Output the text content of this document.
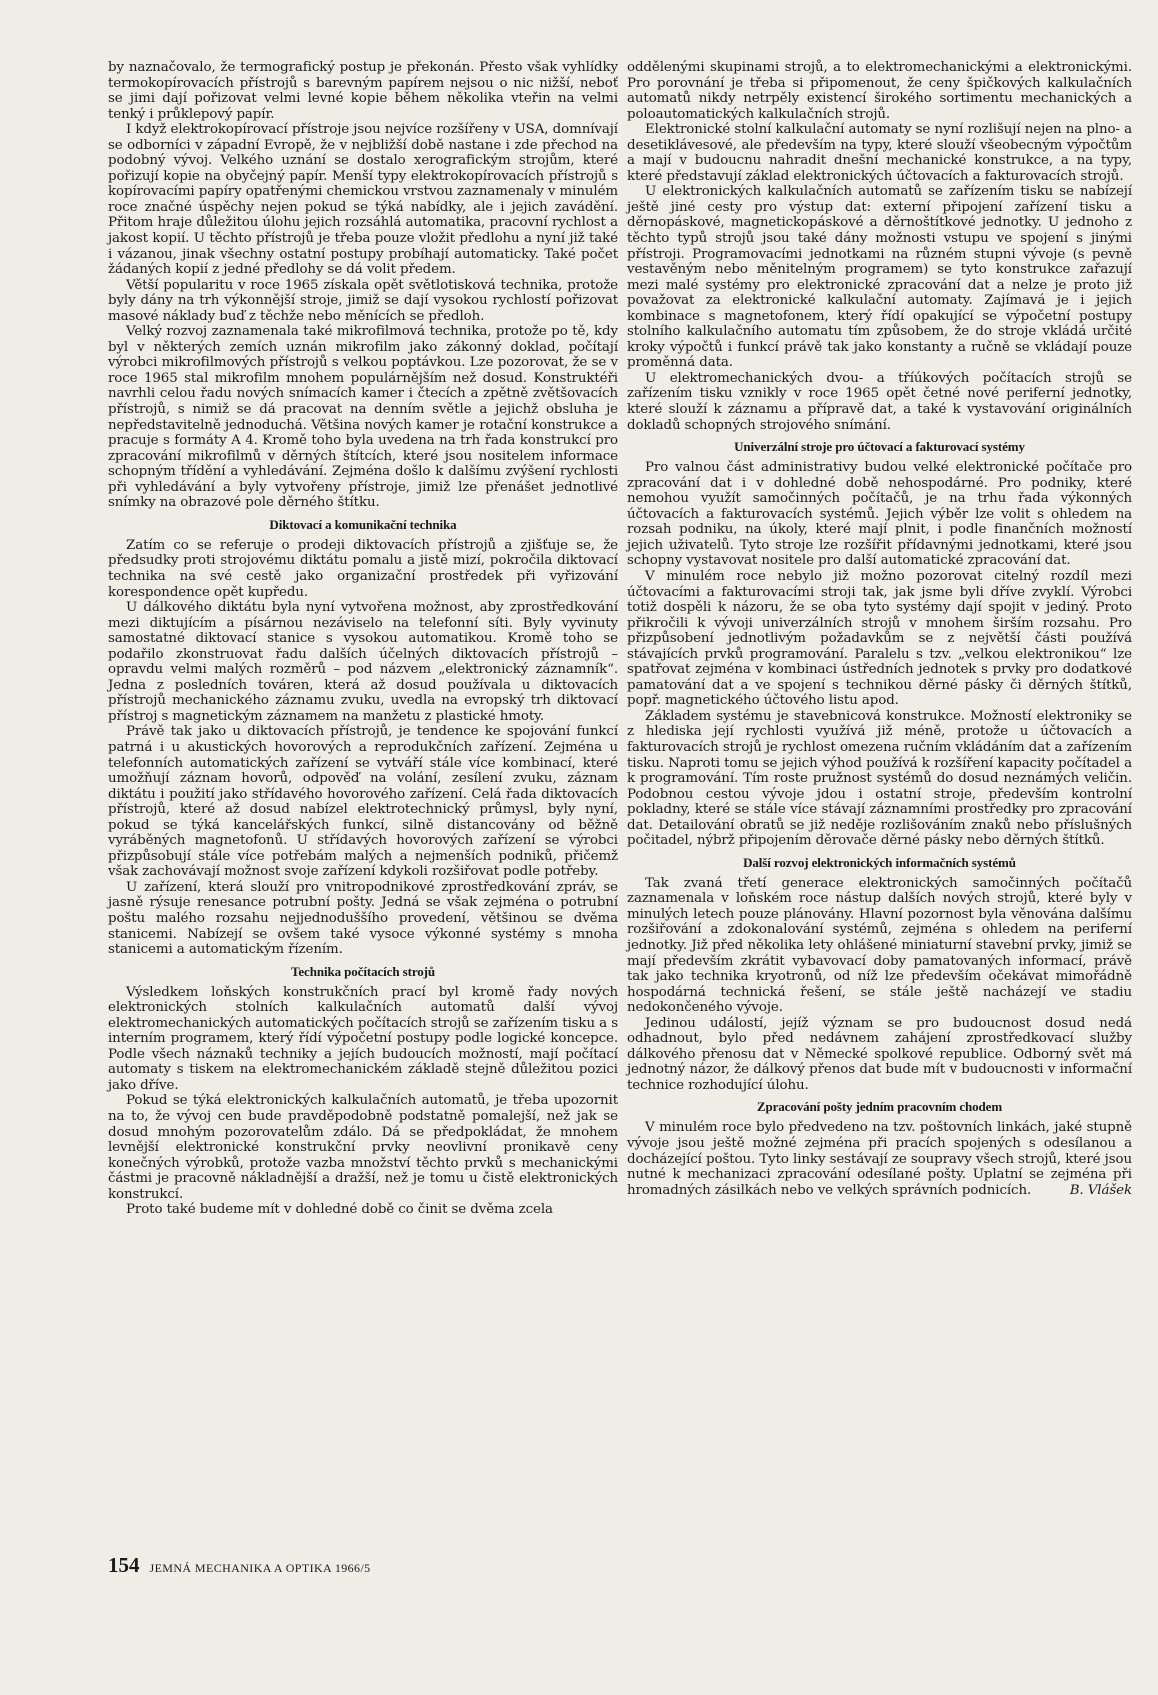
by naznačovalo, že termografický postup je překonán. Přesto však vyhlídky termokopírovacích přístrojů s barevným papírem nejsou o nic nižší, neboť se jimi dají pořizovat velmi levné kopie během několika vteřin na velmi tenký i průklepový papír.

I když elektrokopírovací přístroje jsou nejvíce rozšířeny v USA, domnívají se odborníci v západní Evropě, že v nejbližší době nastane i zde přechod na podobný vývoj. Velkého uznání se dostalo xerografickým strojům, které pořizují kopie na obyčejný papír. Menší typy elektrokopírovacích přístrojů s kopírovacími papíry opatřenými chemickou vrstvou zaznamenaly v minulém roce značné úspěchy nejen pokud se týká nabídky, ale i jejich zavádění. Přitom hraje důležitou úlohu jejich rozsáhlá automatika, pracovní rychlost a jakost kopií. U těchto přístrojů je třeba pouze vložit předlohu a nyní již také i vázanou, jinak všechny ostatní postupy probíhají automaticky. Také počet žádaných kopií z jedné předlohy se dá volit předem.

Větší popularitu v roce 1965 získala opět světlotisková technika, protože byly dány na trh výkonnější stroje, jimiž se dají vysokou rychlostí pořizovat masové náklady buď z těchže nebo měnících se předloh.

Velký rozvoj zaznamenala také mikrofilmová technika, protože po tě, kdy byl v některých zemích uznán mikrofilm jako zákonný doklad, počítají výrobci mikrofilmových přístrojů s velkou poptávkou. Lze pozorovat, že se v roce 1965 stal mikrofilm mnohem populárnějším než dosud. Konstruktéři navrhli celou řadu nových snímacích kamer i čtecích a zpětně zvětšovacích přístrojů, s nimiž se dá pracovat na denním světle a jejichž obsluha je nepředstavitelně jednoduchá. Většina nových kamer je rotační konstrukce a pracuje s formáty A 4. Kromě toho byla uvedena na trh řada konstrukcí pro zpracování mikrofilmů v děrných štítcích, které jsou nositelem informace schopným třídění a vyhledávání. Zejména došlo k dalšímu zvýšení rychlosti při vyhledávání a byly vytvořeny přístroje, jimiž lze přenášet jednotlivé snímky na obrazové pole děrného štítku.

Diktovací a komunikační technika

Zatím co se referuje o prodeji diktovacích přístrojů a zjišťuje se, že předsudky proti strojovému diktátu pomalu a jistě mizí, pokročila diktovací technika na své cestě jako organizační prostředek při vyřizování korespondence opět kupředu.

U dálkového diktátu byla nyní vytvořena možnost, aby zprostředkování mezi diktujícím a písárnou nezáviselo na telefonní síti. Byly vyvinuty samostatné diktovací stanice s vysokou automatikou. Kromě toho se podařilo zkonstruovat řadu dalších účelných diktovacích přístrojů – opravdu velmi malých rozměrů – pod názvem „elektronický záznamník“. Jedna z posledních továren, která až dosud používala u diktovacích přístrojů mechanického záznamu zvuku, uvedla na evropský trh diktovací přístroj s magnetickým záznamem na manžetu z plastické hmoty.

Právě tak jako u diktovacích přístrojů, je tendence ke spojování funkcí patrná i u akustických hovorových a reprodukčních zařízení. Zejména u telefonních automatických zařízení se vytváří stále více kombinací, které umožňují záznam hovorů, odpověď na volání, zesílení zvuku, záznam diktátu i použití jako střídavého hovorového zařízení. Celá řada diktovacích přístrojů, které až dosud nabízel elektrotechnický průmysl, byly nyní, pokud se týká kancelářských funkcí, silně distancovány od běžně vyráběných magnetofonů. U střídavých hovorových zařízení se výrobci přizpůsobují stále více potřebám malých a nejmenších podniků, přičemž však zachovávají možnost svoje zařízení kdykoli rozšiřovat podle potřeby.

U zařízení, která slouží pro vnitropodnikové zprostředkování zpráv, se jasně rýsuje renesance potrubní pošty. Jedná se však zejména o potrubní poštu malého rozsahu nejjednoduššího provedení, většinou se dvěma stanicemi. Nabízejí se ovšem také vysoce výkonné systémy s mnoha stanicemi a automatickým řízením.

Technika počítacích strojů

Výsledkem loňských konstrukčních prací byl kromě řady nových elektronických stolních kalkulačních automatů další vývoj elektromechanických automatických počítacích strojů se zařízením tisku a s interním programem, který řídí výpočetní postupy podle logické koncepce. Podle všech náznaků techniky a jejích budoucích možností, mají počítací automaty s tiskem na elektromechanickém základě stejně důležitou pozici jako dříve.

Pokud se týká elektronických kalkulačních automatů, je třeba upozornit na to, že vývoj cen bude pravděpodobně podstatně pomalejší, než jak se dosud mnohým pozorovatelům zdálo. Dá se předpokládat, že mnohem levnější elektronické konstrukční prvky neovlivní pronikavě ceny konečných výrobků, protože vazba množství těchto prvků s mechanickými částmi je pracovně nákladnější a dražší, než je tomu u čistě elektronických konstrukcí.

Proto také budeme mít v dohledné době co činit se dvěma zcela

oddělenými skupinami strojů, a to elektromechanickými a elektronickými. Pro porovnání je třeba si připomenout, že ceny špičkových kalkulačních automatů nikdy netrpěly existencí širokého sortimentu mechanických a poloautomatických kalkulačních strojů.

Elektronické stolní kalkulační automaty se nyní rozlišují nejen na plno- a desetiklávesové, ale především na typy, které slouží všeobecným výpočtům a mají v budoucnu nahradit dnešní mechanické konstrukce, a na typy, které představují základ elektronických účtovacích a fakturovacích strojů.

U elektronických kalkulačních automatů se zařízením tisku se nabízejí ještě jiné cesty pro výstup dat: externí připojení zařízení tisku a děrnopáskové, magnetickopáskové a děrnoštítkové jednotky. U jednoho z těchto typů strojů jsou také dány možnosti vstupu ve spojení s jinými přístroji. Programovacími jednotkami na různém stupni vývoje (s pevně vestavěným nebo měnitelným programem) se tyto konstrukce zařazují mezi malé systémy pro elektronické zpracování dat a nelze je proto již považovat za elektronické kalkulační automaty. Zajímavá je i jejich kombinace s magnetofonem, který řídí opakující se výpočetní postupy stolního kalkulačního automatu tím způsobem, že do stroje vkládá určité kroky výpočtů i funkcí právě tak jako konstanty a ručně se vkládají pouze proměnná data.

U elektromechanických dvou- a tříúkových počítacích strojů se zařízením tisku vznikly v roce 1965 opět četné nové periferní jednotky, které slouží k záznamu a přípravě dat, a také k vystavování originálních dokladů schopných strojového snímání.

Univerzální stroje pro účtovací a fakturovací systémy

Pro valnou část administrativy budou velké elektronické počítače pro zpracování dat i v dohledné době nehospodárné. Pro podniky, které nemohou využít samočinných počítačů, je na trhu řada výkonných účtovacích a fakturovacích systémů. Jejich výběr lze volit s ohledem na rozsah podniku, na úkoly, které mají plnit, i podle finančních možností jejich uživatelů. Tyto stroje lze rozšířit přídavnými jednotkami, které jsou schopny vystavovat nositele pro další automatické zpracování dat.

V minulém roce nebylo již možno pozorovat citelný rozdíl mezi účtovacími a fakturovacími stroji tak, jak jsme byli dříve zvyklí. Výrobci totiž dospěli k názoru, že se oba tyto systémy dají spojit v jediný. Proto přikročili k vývoji univerzálních strojů v mnohem širším rozsahu. Pro přizpůsobení jednotlivým požadavkům se z největší části používá stávajících prvků programování. Paralelu s tzv. „velkou elektronikou“ lze spatřovat zejména v kombinaci ústředních jednotek s prvky pro dodatkové pamatování dat a ve spojení s technikou děrné pásky či děrných štítků, popř. magnetického účtového listu apod.

Základem systému je stavebnicová konstrukce. Možností elektroniky se z hlediska její rychlosti využívá již méně, protože u účtovacích a fakturovacích strojů je rychlost omezena ručním vkládáním dat a zařízením tisku. Naproti tomu se jejich výhod používá k rozšíření kapacity počítadel a k programování. Tím roste pružnost systémů do dosud neznámých veličin. Podobnou cestou vývoje jdou i ostatní stroje, především kontrolní pokladny, které se stále více stávají záznamními prostředky pro zpracování dat. Detailování obratů se již neděje rozlišováním znaků nebo příslušných počitadel, nýbrž připojením děrovače děrné pásky nebo děrných štítků.

Další rozvoj elektronických informačních systémů

Tak zvaná třetí generace elektronických samočinných počítačů zaznamenala v loňském roce nástup dalších nových strojů, které byly v minulých letech pouze plánovány. Hlavní pozornost byla věnována dalšímu rozšiřování a zdokonalování systémů, zejména s ohledem na periferní jednotky. Již před několika lety ohlášené miniaturní stavební prvky, jimiž se mají především zkrátit vybavovací doby pamatovaných informací, právě tak jako technika kryotronů, od níž lze především očekávat mimořádně hospodárná technická řešení, se stále ještě nacházejí ve stadiu nedokončeného vývoje.

Jedinou událostí, jejíž význam se pro budoucnost dosud nedá odhadnout, bylo před nedávnem zahájení zprostředkovací služby dálkového přenosu dat v Německé spolkové republice. Odborný svět má jednotný názor, že dálkový přenos dat bude mít v budoucnosti v informační technice rozhodující úlohu.

Zpracování pošty jedním pracovním chodem

V minulém roce bylo předvedeno na tzv. poštovních linkách, jaké stupně vývoje jsou ještě možné zejména při pracích spojených s odesílanou a docházející poštou. Tyto linky sestávají ze soupravy všech strojů, které jsou nutné k mechanizaci zpracování odesílané pošty. Uplatní se zejména při hromadných zásilkách nebo ve velkých správních podnicích.	B. Vlášek

154 JEMNÁ MECHANIKA A OPTIKA 1966/5
